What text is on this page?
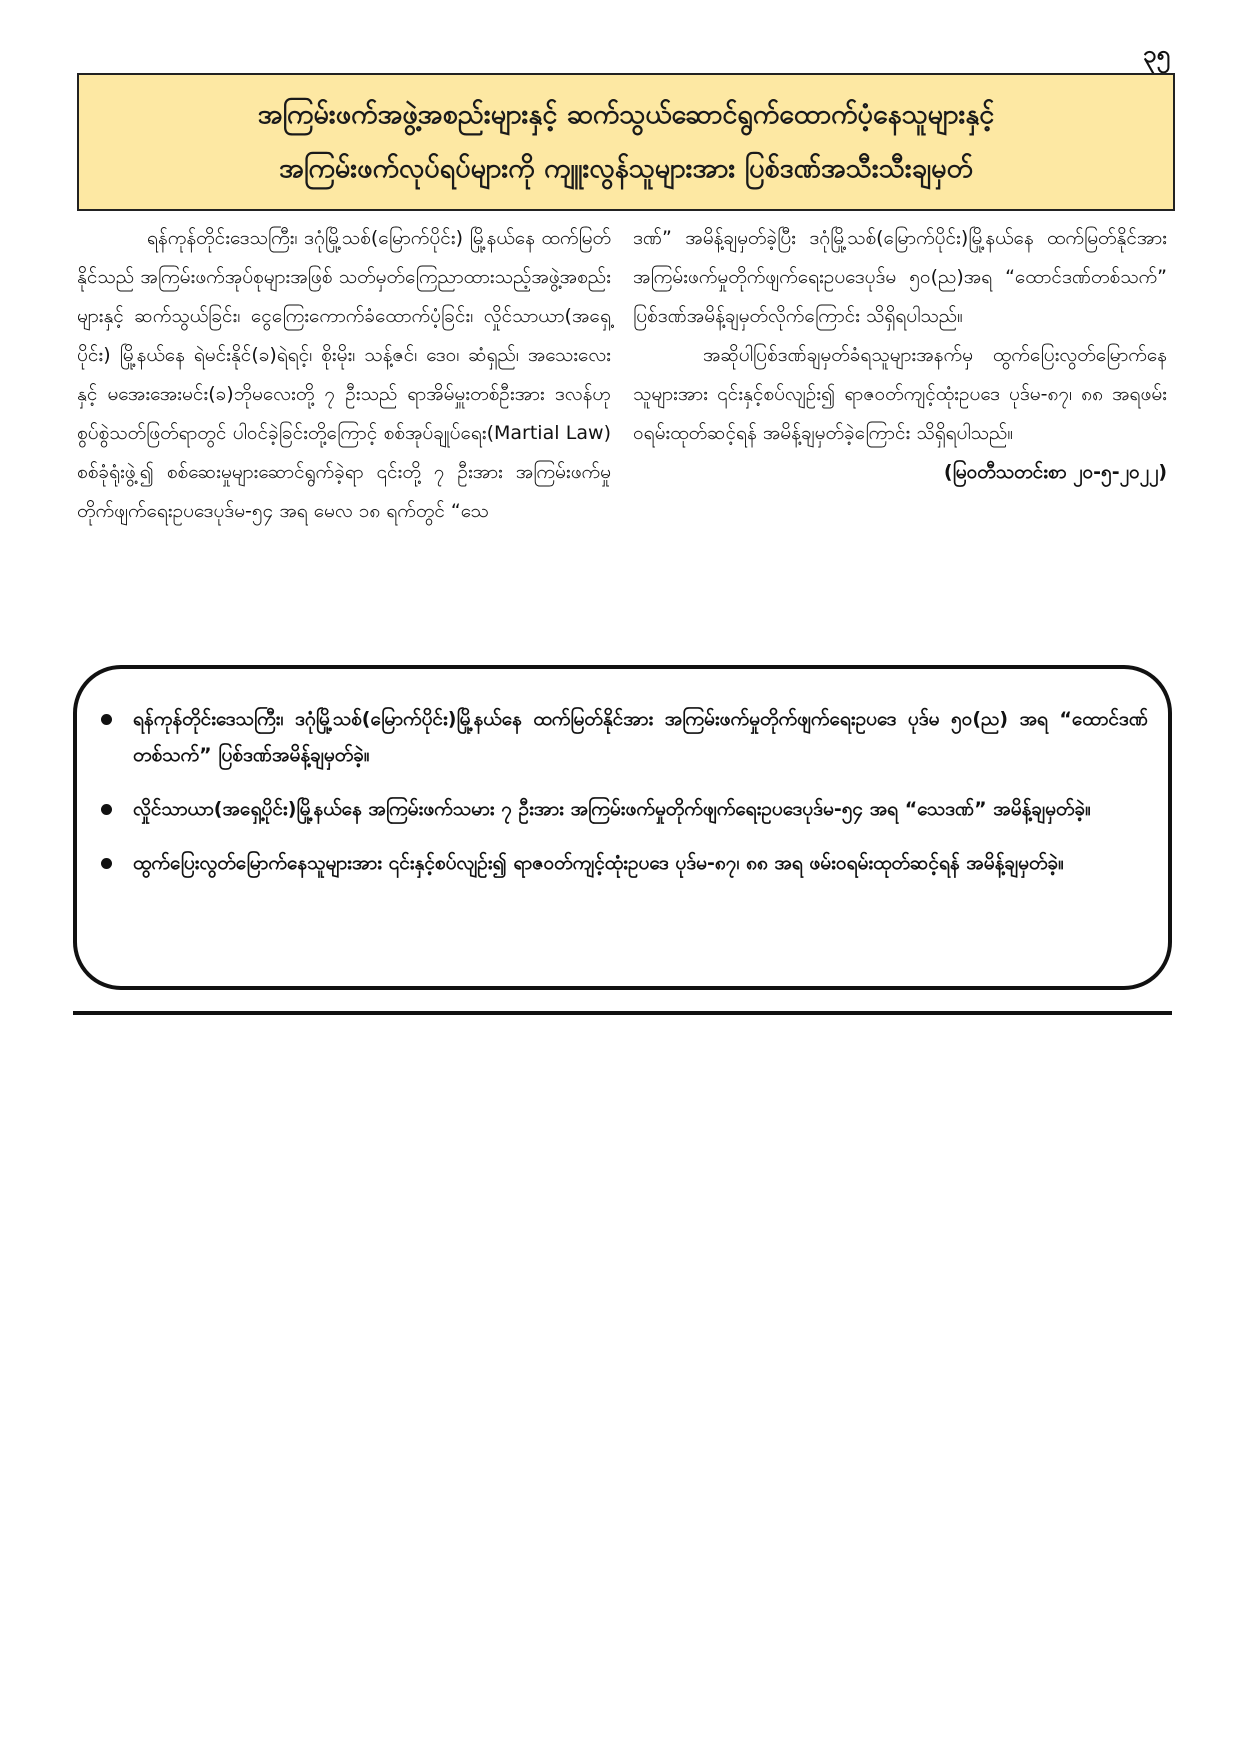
၃၅
အကြမ်းဖက်အဖွဲ့အစည်းများနှင့် ဆက်သွယ်ဆောင်ရွက်ထောက်ပံ့နေသူများနှင့်
အကြမ်းဖက်လုပ်ရပ်များကို ကျူးလွန်သူများအား ပြစ်ဒဏ်အသီးသီးချမှတ်

ရန်ကုန်တိုင်းဒေသကြီး၊ ဒဂုံမြို့သစ်(မြောက်ပိုင်း) မြို့နယ်နေ ထက်မြတ်နိုင်သည် အကြမ်းဖက်အုပ်စုများအဖြစ် သတ်မှတ်ကြေညာထားသည့်အဖွဲ့အစည်းများနှင့် ဆက်သွယ်ခြင်း၊ ငွေကြေးကောက်ခံထောက်ပံ့ခြင်း၊ လှိုင်သာယာ(အရှေ့ပိုင်း) မြို့နယ်နေ ရဲမင်းနိုင်(ခ)ရဲရင့်၊ စိုးမိုး၊ သန့်ဇင်၊ ဒေဝ၊ ဆံရှည်၊ အသေးလေးနှင့် မအေးအေးမင်း(ခ)ဘိုမလေးတို့ ၇ ဦးသည် ရာအိမ်မှူးတစ်ဦးအား ဒလန်ဟုစွပ်စွဲသတ်ဖြတ်ရာတွင် ပါဝင်ခဲ့ခြင်းတို့ကြောင့် စစ်အုပ်ချုပ်ရေး(Martial Law) စစ်ခုံရုံးဖွဲ့၍ စစ်ဆေးမှုများဆောင်ရွက်ခဲ့ရာ ၎င်းတို့ ၇ ဦးအား အကြမ်းဖက်မှုတိုက်ဖျက်ရေးဥပဒေပုဒ်မ-၅၄ အရ မေလ ၁၈ ရက်တွင် “သေ

ဒဏ်” အမိန့်ချမှတ်ခဲ့ပြီး ဒဂုံမြို့သစ်(မြောက်ပိုင်း)မြို့နယ်နေ ထက်မြတ်နိုင်အား အကြမ်းဖက်မှုတိုက်ဖျက်ရေးဥပဒေပုဒ်မ ၅၀(ည)အရ “ထောင်ဒဏ်တစ်သက်” ပြစ်ဒဏ်အမိန့်ချမှတ်လိုက်ကြောင်း သိရှိရပါသည်။

အဆိုပါပြစ်ဒဏ်ချမှတ်ခံရသူများအနက်မှ ထွက်ပြေးလွတ်မြောက်နေသူများအား ၎င်းနှင့်စပ်လျဉ်း၍ ရာဇဝတ်ကျင့်ထုံးဥပဒေ ပုဒ်မ-၈၇၊ ၈၈ အရဖမ်းဝရမ်းထုတ်ဆင့်ရန် အမိန့်ချမှတ်ခဲ့ကြောင်း သိရှိရပါသည်။

(မြဝတီသတင်းစာ ၂၀-၅-၂၀၂၂)

ရန်ကုန်တိုင်းဒေသကြီး၊ ဒဂုံမြို့သစ်(မြောက်ပိုင်း)မြို့နယ်နေ ထက်မြတ်နိုင်အား အကြမ်းဖက်မှုတိုက်ဖျက်ရေးဥပဒေ ပုဒ်မ ၅၀(ည) အရ “ထောင်ဒဏ်တစ်သက်” ပြစ်ဒဏ်အမိန့်ချမှတ်ခဲ့။
လှိုင်သာယာ(အရှေ့ပိုင်း)မြို့နယ်နေ အကြမ်းဖက်သမား ၇ ဦးအား အကြမ်းဖက်မှုတိုက်ဖျက်ရေးဥပဒေပုဒ်မ-၅၄ အရ “သေဒဏ်” အမိန့်ချမှတ်ခဲ့။
ထွက်ပြေးလွတ်မြောက်နေသူများအား ၎င်းနှင့်စပ်လျဉ်း၍ ရာဇဝတ်ကျင့်ထုံးဥပဒေ ပုဒ်မ-၈၇၊ ၈၈ အရ ဖမ်းဝရမ်းထုတ်ဆင့်ရန် အမိန့်ချမှတ်ခဲ့။
